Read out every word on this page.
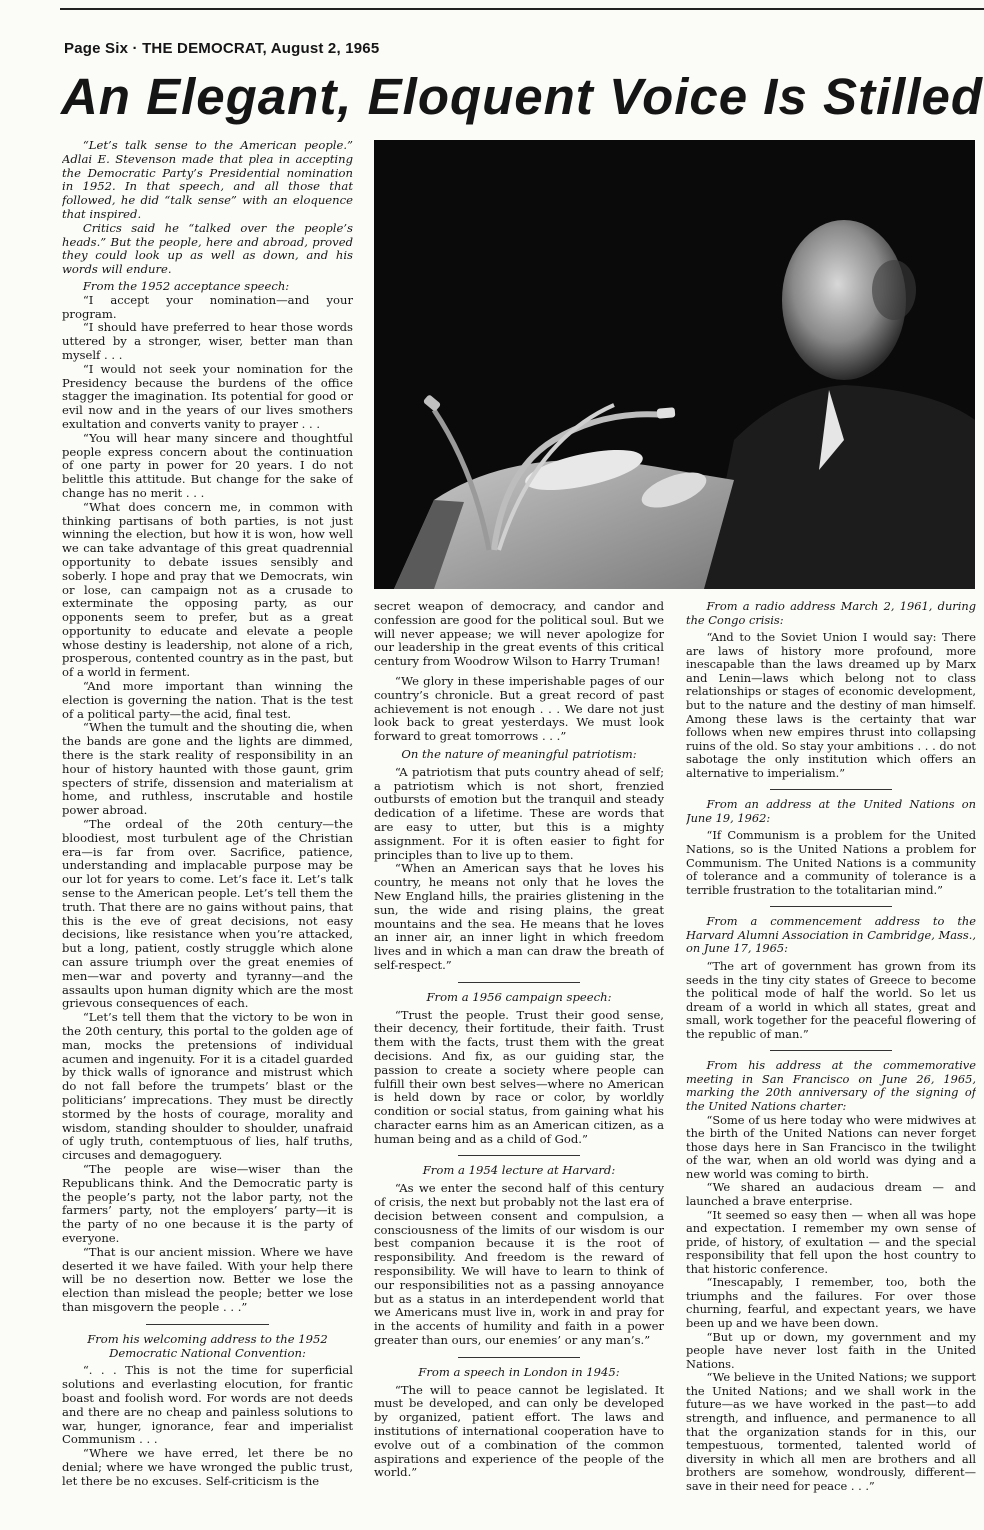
Page Six · THE DEMOCRAT, August 2, 1965
An Elegant, Eloquent Voice Is Stilled

“Let’s talk sense to the American people.” Adlai E. Stevenson made that plea in accepting the Democratic Party’s Presidential nomination in 1952. In that speech, and all those that followed, he did “talk sense” with an eloquence that inspired.

Critics said he “talked over the people’s heads.” But the people, here and abroad, proved they could look up as well as down, and his words will endure.

From the 1952 acceptance speech:

“I accept your nomination—and your program.

“I should have preferred to hear those words uttered by a stronger, wiser, better man than myself . . .

“I would not seek your nomination for the Presidency because the burdens of the office stagger the imagination. Its potential for good or evil now and in the years of our lives smothers exultation and converts vanity to prayer . . .

“You will hear many sincere and thoughtful people express concern about the continuation of one party in power for 20 years. I do not belittle this attitude. But change for the sake of change has no merit . . .

“What does concern me, in common with thinking partisans of both parties, is not just winning the election, but how it is won, how well we can take advantage of this great quadrennial opportunity to debate issues sensibly and soberly. I hope and pray that we Democrats, win or lose, can campaign not as a crusade to exterminate the opposing party, as our opponents seem to prefer, but as a great opportunity to educate and elevate a people whose destiny is leadership, not alone of a rich, prosperous, contented country as in the past, but of a world in ferment.

“And more important than winning the election is governing the nation. That is the test of a political party—the acid, final test.

“When the tumult and the shouting die, when the bands are gone and the lights are dimmed, there is the stark reality of responsibility in an hour of history haunted with those gaunt, grim specters of strife, dissension and materialism at home, and ruthless, inscrutable and hostile power abroad.

“The ordeal of the 20th century—the bloodiest, most turbulent age of the Christian era—is far from over. Sacrifice, patience, understanding and implacable purpose may be our lot for years to come. Let’s face it. Let’s talk sense to the American people. Let’s tell them the truth. That there are no gains without pains, that this is the eve of great decisions, not easy decisions, like resistance when you’re attacked, but a long, patient, costly struggle which alone can assure triumph over the great enemies of men—war and poverty and tyranny—and the assaults upon human dignity which are the most grievous consequences of each.

“Let’s tell them that the victory to be won in the 20th century, this portal to the golden age of man, mocks the pretensions of individual acumen and ingenuity. For it is a citadel guarded by thick walls of ignorance and mistrust which do not fall before the trumpets’ blast or the politicians’ imprecations. They must be directly stormed by the hosts of courage, morality and wisdom, standing shoulder to shoulder, unafraid of ugly truth, contemptuous of lies, half truths, circuses and demagoguery.

“The people are wise—wiser than the Republicans think. And the Democratic party is the people’s party, not the labor party, not the farmers’ party, not the employers’ party—it is the party of no one because it is the party of everyone.

“That is our ancient mission. Where we have deserted it we have failed. With your help there will be no desertion now. Better we lose the election than mislead the people; better we lose than misgovern the people . . .”

From his welcoming address to the 1952 Democratic National Convention:

“. . . This is not the time for superficial solutions and everlasting elocution, for frantic boast and foolish word. For words are not deeds and there are no cheap and painless solutions to war, hunger, ignorance, fear and imperialist Communism . . .

“Where we have erred, let there be no denial; where we have wronged the public trust, let there be no excuses. Self-criticism is the

secret weapon of democracy, and candor and confession are good for the political soul. But we will never appease; we will never apologize for our leadership in the great events of this critical century from Woodrow Wilson to Harry Truman!

“We glory in these imperishable pages of our country’s chronicle. But a great record of past achievement is not enough . . . We dare not just look back to great yesterdays. We must look forward to great tomorrows . . .”

On the nature of meaningful patriotism:

“A patriotism that puts country ahead of self; a patriotism which is not short, frenzied outbursts of emotion but the tranquil and steady dedication of a lifetime. These are words that are easy to utter, but this is a mighty assignment. For it is often easier to fight for principles than to live up to them.

“When an American says that he loves his country, he means not only that he loves the New England hills, the prairies glistening in the sun, the wide and rising plains, the great mountains and the sea. He means that he loves an inner air, an inner light in which freedom lives and in which a man can draw the breath of self-respect.”

From a 1956 campaign speech:

“Trust the people. Trust their good sense, their decency, their fortitude, their faith. Trust them with the facts, trust them with the great decisions. And fix, as our guiding star, the passion to create a society where people can fulfill their own best selves—where no American is held down by race or color, by worldly condition or social status, from gaining what his character earns him as an American citizen, as a human being and as a child of God.”

From a 1954 lecture at Harvard:

“As we enter the second half of this century of crisis, the next but probably not the last era of decision between consent and compulsion, a consciousness of the limits of our wisdom is our best companion because it is the root of responsibility. And freedom is the reward of responsibility. We will have to learn to think of our responsibilities not as a passing annoyance but as a status in an interdependent world that we Americans must live in, work in and pray for in the accents of humility and faith in a power greater than ours, our enemies’ or any man’s.”

From a speech in London in 1945:

“The will to peace cannot be legislated. It must be developed, and can only be developed by organized, patient effort. The laws and institutions of international cooperation have to evolve out of a combination of the common aspirations and experience of the people of the world.”

From a radio address March 2, 1961, during the Congo crisis:

“And to the Soviet Union I would say: There are laws of history more profound, more inescapable than the laws dreamed up by Marx and Lenin—laws which belong not to class relationships or stages of economic development, but to the nature and the destiny of man himself. Among these laws is the certainty that war follows when new empires thrust into collapsing ruins of the old. So stay your ambitions . . . do not sabotage the only institution which offers an alternative to imperialism.”

From an address at the United Nations on June 19, 1962:

“If Communism is a problem for the United Nations, so is the United Nations a problem for Communism. The United Nations is a community of tolerance and a community of tolerance is a terrible frustration to the totalitarian mind.”

From a commencement address to the Harvard Alumni Association in Cambridge, Mass., on June 17, 1965:

“The art of government has grown from its seeds in the tiny city states of Greece to become the political mode of half the world. So let us dream of a world in which all states, great and small, work together for the peaceful flowering of the republic of man.”

From his address at the commemorative meeting in San Francisco on June 26, 1965, marking the 20th anniversary of the signing of the United Nations charter:

“Some of us here today who were midwives at the birth of the United Nations can never forget those days here in San Francisco in the twilight of the war, when an old world was dying and a new world was coming to birth.

“We shared an audacious dream — and launched a brave enterprise.

“It seemed so easy then — when all was hope and expectation. I remember my own sense of pride, of history, of exultation — and the special responsibility that fell upon the host country to that historic conference.

“Inescapably, I remember, too, both the triumphs and the failures. For over those churning, fearful, and expectant years, we have been up and we have been down.

“But up or down, my government and my people have never lost faith in the United Nations.

“We believe in the United Nations; we support the United Nations; and we shall work in the future—as we have worked in the past—to add strength, and influence, and permanence to all that the organization stands for in this, our tempestuous, tormented, talented world of diversity in which all men are brothers and all brothers are somehow, wondrously, different—save in their need for peace . . .”
